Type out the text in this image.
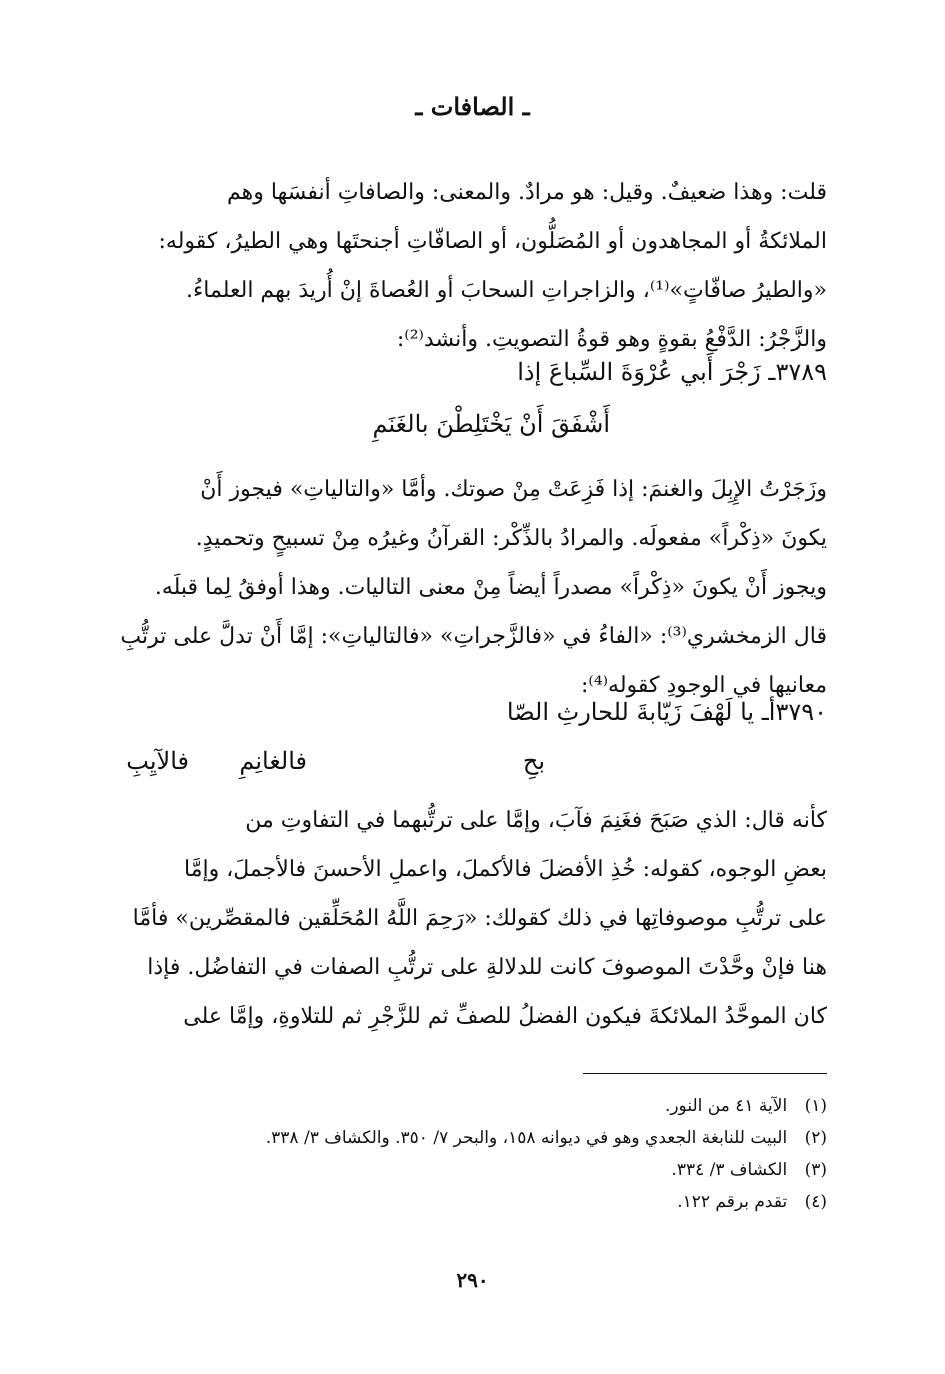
ـ الصافات ـ

قلت: وهذا ضعيفٌ. وقيل: هو مرادٌ. والمعنى: والصافاتِ أنفسَها وهم

الملائكةُ أو المجاهدون أو المُصَلُّون، أو الصافّاتِ أجنحتَها وهي الطيرُ، كقوله:

«والطيرُ صافّاتٍ»⁽¹⁾، والزاجراتِ السحابَ أو العُصاةَ إنْ أُريدَ بهم العلماءُ.

والزَّجْرُ: الدَّفْعُ بقوةٍ وهو قوةُ التصويتِ. وأنشد⁽²⁾:

٣٧٨٩ـ زَجْرَ أَبي عُرْوَةَ السِّباعَ إذا
أَشْفَقَ أَنْ يَخْتَلِطْنَ بالغَنَمِ

وزَجَرْتُ الإِبِلَ والغنمَ: إذا فَزِعَتْ مِنْ صوتك. وأمَّا «والتالياتِ» فيجوز أَنْ

يكونَ «ذِكْراً» مفعولَه. والمرادُ بالذِّكْر: القرآنُ وغيرُه مِنْ تسبيحٍ وتحميدٍ.

ويجوز أَنْ يكونَ «ذِكْراً» مصدراً أيضاً مِنْ معنى التاليات. وهذا أوفقُ لِما قبلَه.

قال الزمخشري⁽³⁾: «الفاءُ في «فالزَّجراتِ» «فالتالياتِ»: إمَّا أَنْ تدلَّ على ترتُّبِ

معانيها في الوجودِ كقوله⁽⁴⁾:

٣٧٩٠أـ يا لَهْفَ زَيّابةَ للحارثِ الصّا
بحِ
فالغانِمِ
فالآيِبِ

كأنه قال: الذي صَبَحَ فغَنِمَ فآبَ، وإمَّا على ترتُّبهما في التفاوتِ من

بعضِ الوجوه، كقوله: خُذِ الأفضلَ فالأكملَ، واعملِ الأحسنَ فالأجملَ، وإمَّا

على ترتُّبِ موصوفاتِها في ذلك كقولك: «رَحِمَ اللَّهُ المُحَلِّقين فالمقصِّرين» فأمَّا

هنا فإنْ وحَّدْتَ الموصوفَ كانت للدلالةِ على ترتُّبِ الصفات في التفاضُل. فإذا

كان الموحَّدُ الملائكةَ فيكون الفضلُ للصفِّ ثم للزَّجْرِ ثم للتلاوةِ، وإمَّا على

(١) الآية ٤١ من النور.
(٢) البيت للنابغة الجعدي وهو في ديوانه ١٥٨، والبحر ٧/ ٣٥٠. والكشاف ٣/ ٣٣٨.
(٣) الكشاف ٣/ ٣٣٤.
(٤) تقدم برقم ١٢٢.
٢٩٠
